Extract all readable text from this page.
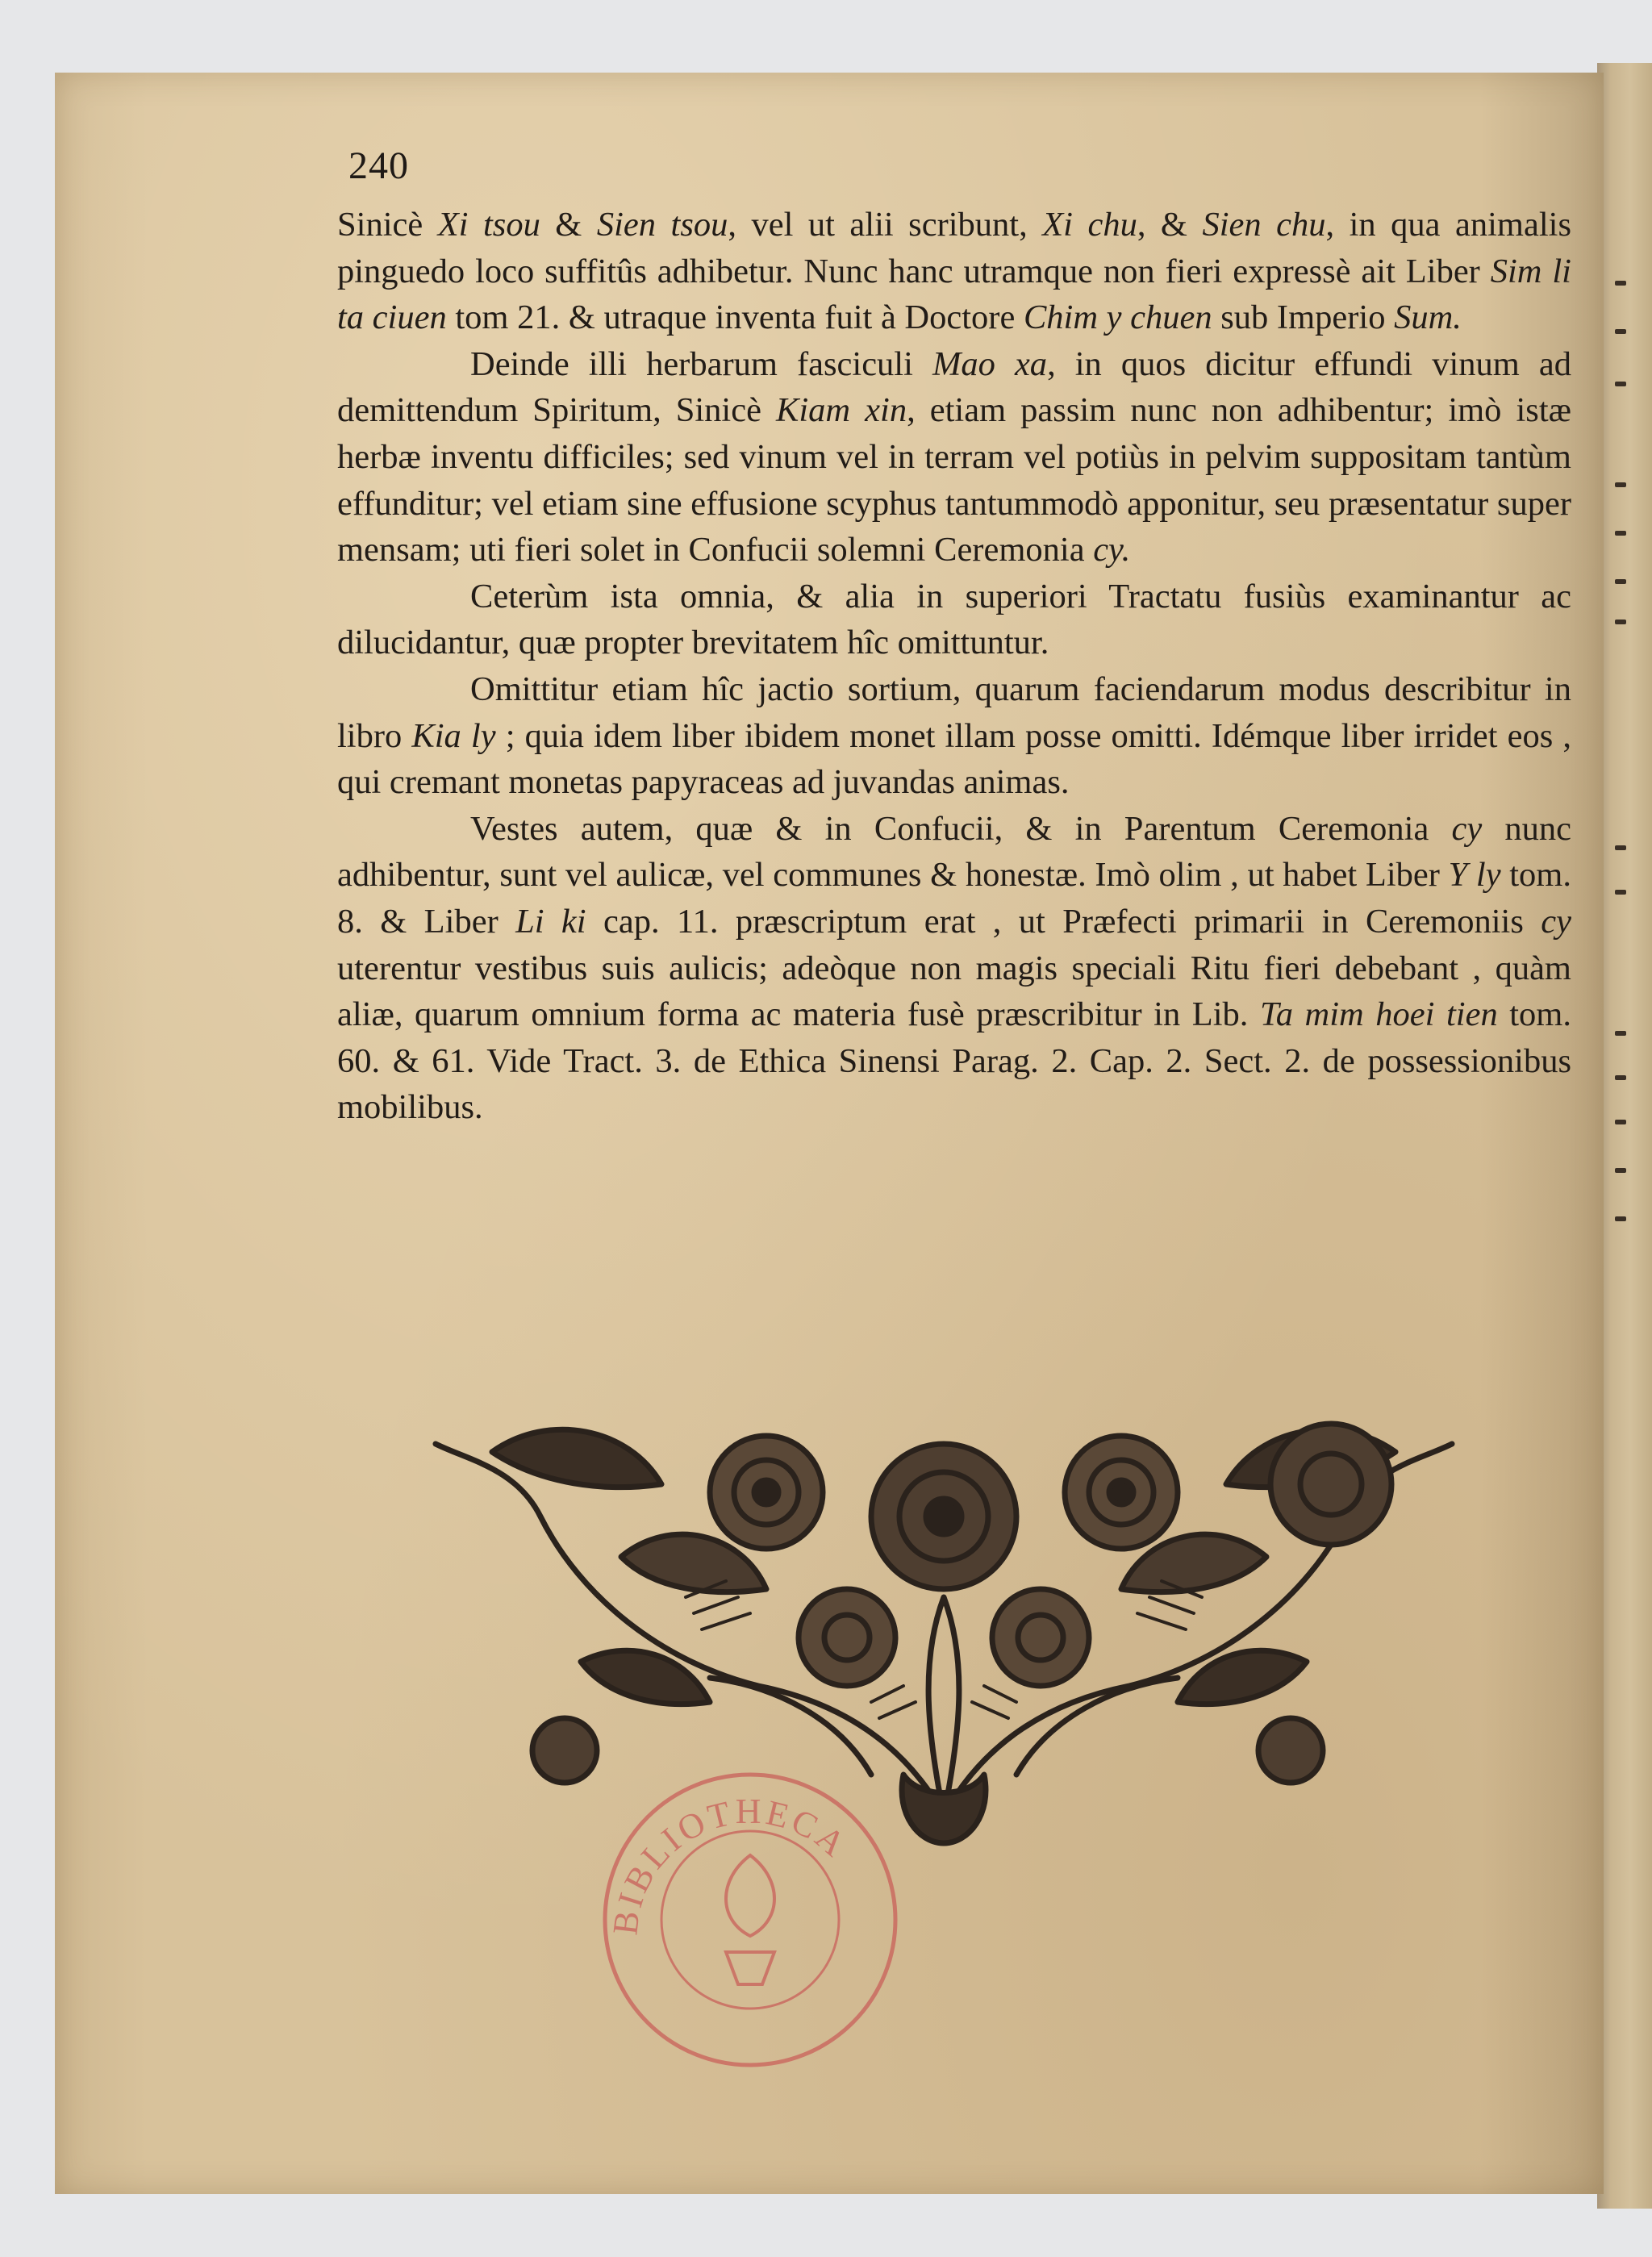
240

Sinicè Xi tsou & Sien tsou, vel ut alii scribunt, Xi chu, & Sien chu, in qua animalis pinguedo loco suffitûs adhibetur. Nunc hanc utramque non fieri expressè ait Liber Sim li ta ciuen tom 21. & utraque inventa fuit à Doctore Chim y chuen sub Imperio Sum.

Deinde illi herbarum fasciculi Mao xa, in quos dicitur effundi vinum ad demittendum Spiritum, Sinicè Kiam xin, etiam passim nunc non adhibentur; imò istæ herbæ inventu difficiles; sed vinum vel in terram vel potiùs in pelvim suppositam tantùm effunditur; vel etiam sine effusione scyphus tantummodò apponitur, seu præsentatur super mensam; uti fieri solet in Confucii solemni Ceremonia cy.

Ceterùm ista omnia, & alia in superiori Tractatu fusiùs examinantur ac dilucidantur, quæ propter brevitatem hîc omittuntur.

Omittitur etiam hîc jactio sortium, quarum faciendarum modus describitur in libro Kia ly ; quia idem liber ibidem monet illam posse omitti. Idémque liber irridet eos , qui cremant monetas papyraceas ad juvandas animas.

Vestes autem, quæ & in Confucii, & in Parentum Ceremonia cy nunc adhibentur, sunt vel aulicæ, vel communes & honestæ. Imò olim , ut habet Liber Y ly tom. 8. & Liber Li ki cap. 11. præscriptum erat , ut Præfecti primarii in Ceremoniis cy uterentur vestibus suis aulicis; adeòque non magis speciali Ritu fieri debebant , quàm aliæ, quarum omnium forma ac materia fusè præscribitur in Lib. Ta mim hoei tien tom. 60. & 61. Vide Tract. 3. de Ethica Sinensi Parag. 2. Cap. 2. Sect. 2. de possessionibus mobilibus.

BIBLIOTHECA
